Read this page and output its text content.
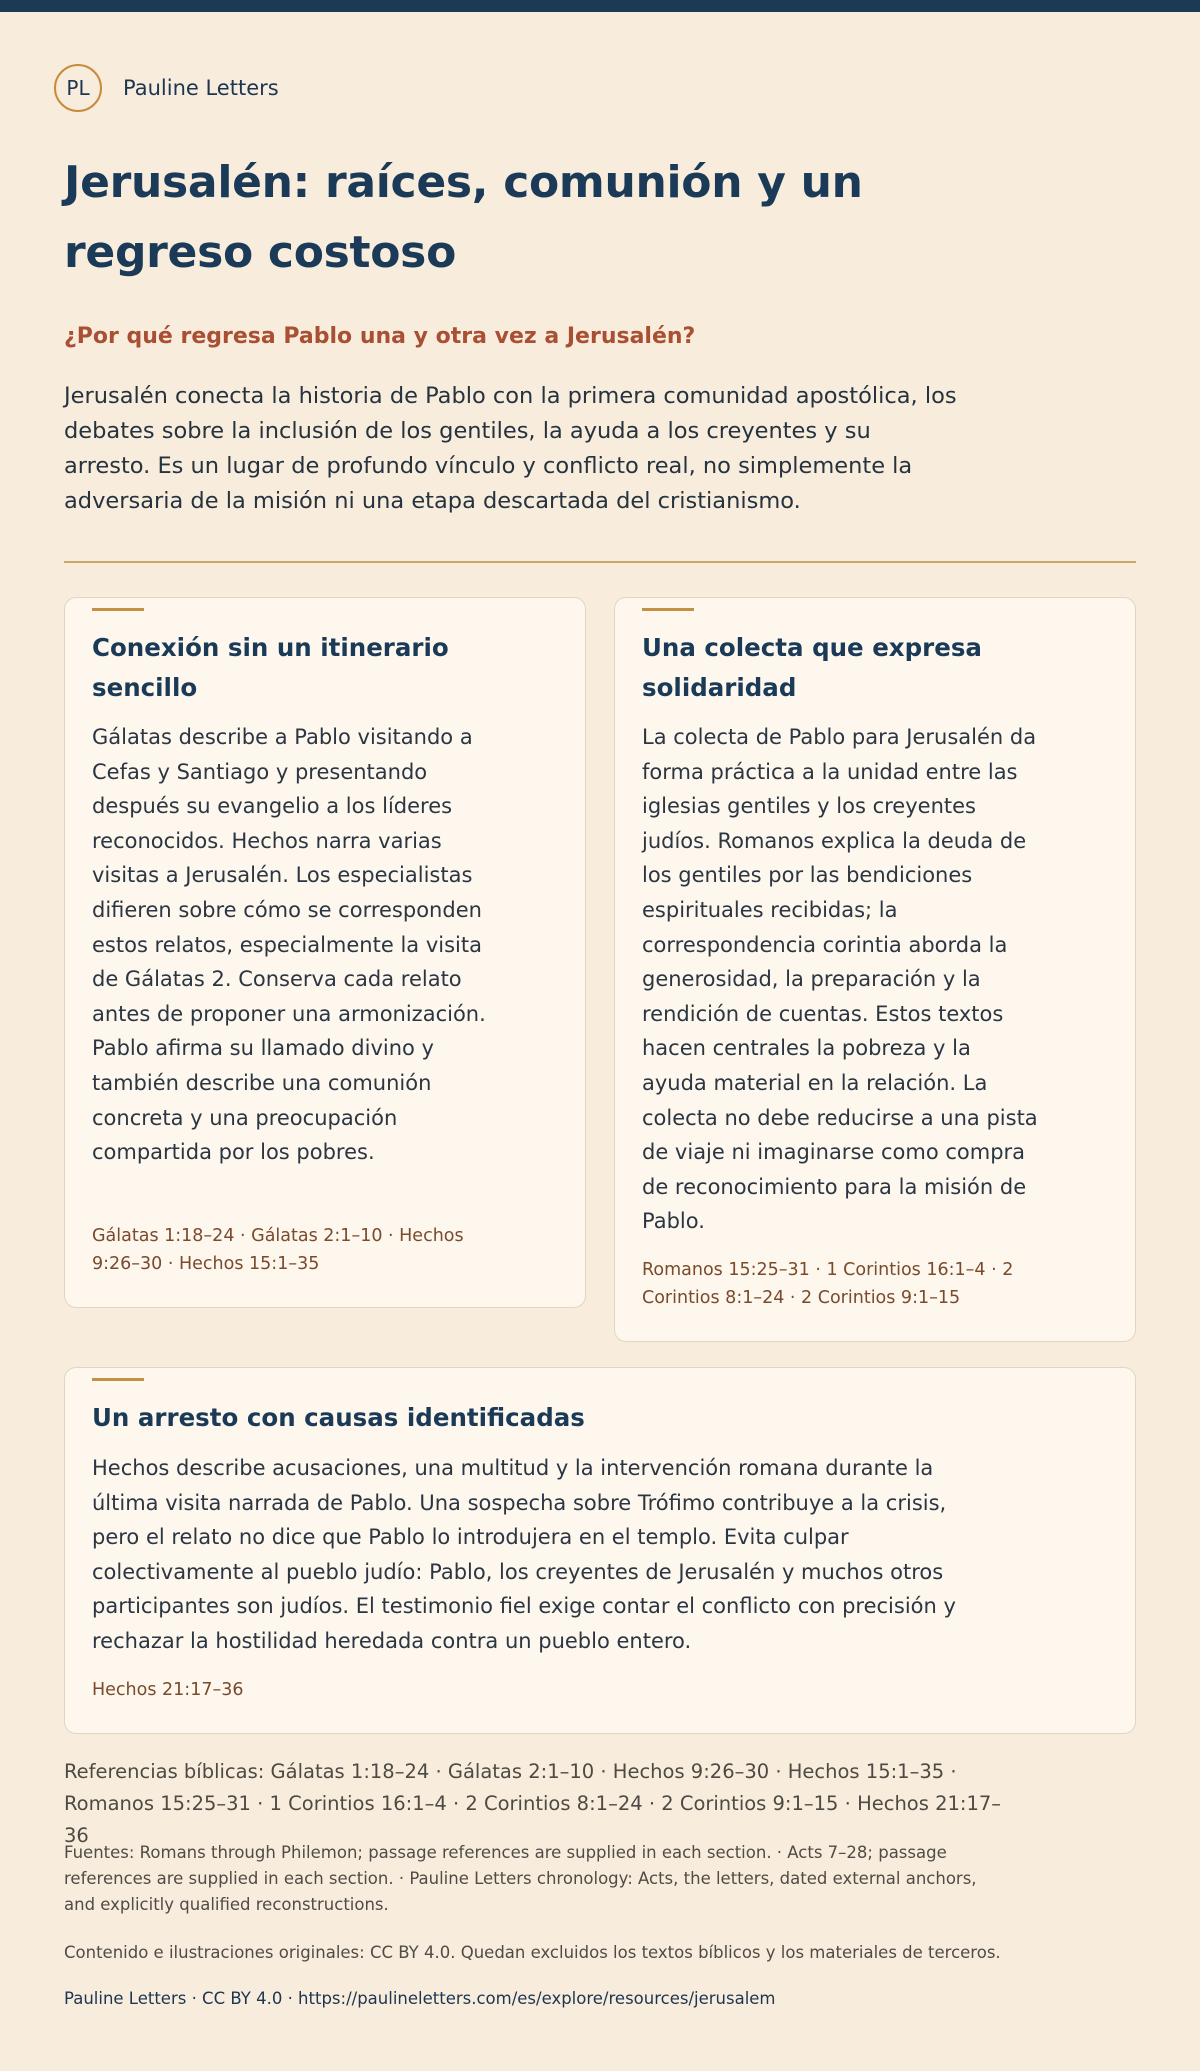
PL	Pauline Letters
Jerusalén: raíces, comunión y un regreso costoso
¿Por qué regresa Pablo una y otra vez a Jerusalén?
Jerusalén conecta la historia de Pablo con la primera comunidad apostólica, los debates sobre la inclusión de los gentiles, la ayuda a los creyentes y su arresto. Es un lugar de profundo vínculo y conflicto real, no simplemente la adversaria de la misión ni una etapa descartada del cristianismo.
Conexión sin un itinerario sencillo
Gálatas describe a Pablo visitando a Cefas y Santiago y presentando después su evangelio a los líderes reconocidos. Hechos narra varias visitas a Jerusalén. Los especialistas difieren sobre cómo se corresponden estos relatos, especialmente la visita de Gálatas 2. Conserva cada relato antes de proponer una armonización. Pablo afirma su llamado divino y también describe una comunión concreta y una preocupación compartida por los pobres.
Gálatas 1:18–24 · Gálatas 2:1–10 · Hechos 9:26–30 · Hechos 15:1–35
Una colecta que expresa solidaridad
La colecta de Pablo para Jerusalén da forma práctica a la unidad entre las iglesias gentiles y los creyentes judíos. Romanos explica la deuda de los gentiles por las bendiciones espirituales recibidas; la correspondencia corintia aborda la generosidad, la preparación y la rendición de cuentas. Estos textos hacen centrales la pobreza y la ayuda material en la relación. La colecta no debe reducirse a una pista de viaje ni imaginarse como compra de reconocimiento para la misión de Pablo.
Romanos 15:25–31 · 1 Corintios 16:1–4 · 2 Corintios 8:1–24 · 2 Corintios 9:1–15
Un arresto con causas identificadas
Hechos describe acusaciones, una multitud y la intervención romana durante la última visita narrada de Pablo. Una sospecha sobre Trófimo contribuye a la crisis, pero el relato no dice que Pablo lo introdujera en el templo. Evita culpar colectivamente al pueblo judío: Pablo, los creyentes de Jerusalén y muchos otros participantes son judíos. El testimonio fiel exige contar el conflicto con precisión y rechazar la hostilidad heredada contra un pueblo entero.
Hechos 21:17–36
Referencias bíblicas: Gálatas 1:18–24 · Gálatas 2:1–10 · Hechos 9:26–30 · Hechos 15:1–35 · Romanos 15:25–31 · 1 Corintios 16:1–4 · 2 Corintios 8:1–24 · 2 Corintios 9:1–15 · Hechos 21:17–36
Fuentes: Romans through Philemon; passage references are supplied in each section. · Acts 7–28; passage references are supplied in each section. · Pauline Letters chronology: Acts, the letters, dated external anchors, and explicitly qualified reconstructions.
Contenido e ilustraciones originales: CC BY 4.0. Quedan excluidos los textos bíblicos y los materiales de terceros.
Pauline Letters · CC BY 4.0 · https://paulineletters.com/es/explore/resources/jerusalem
